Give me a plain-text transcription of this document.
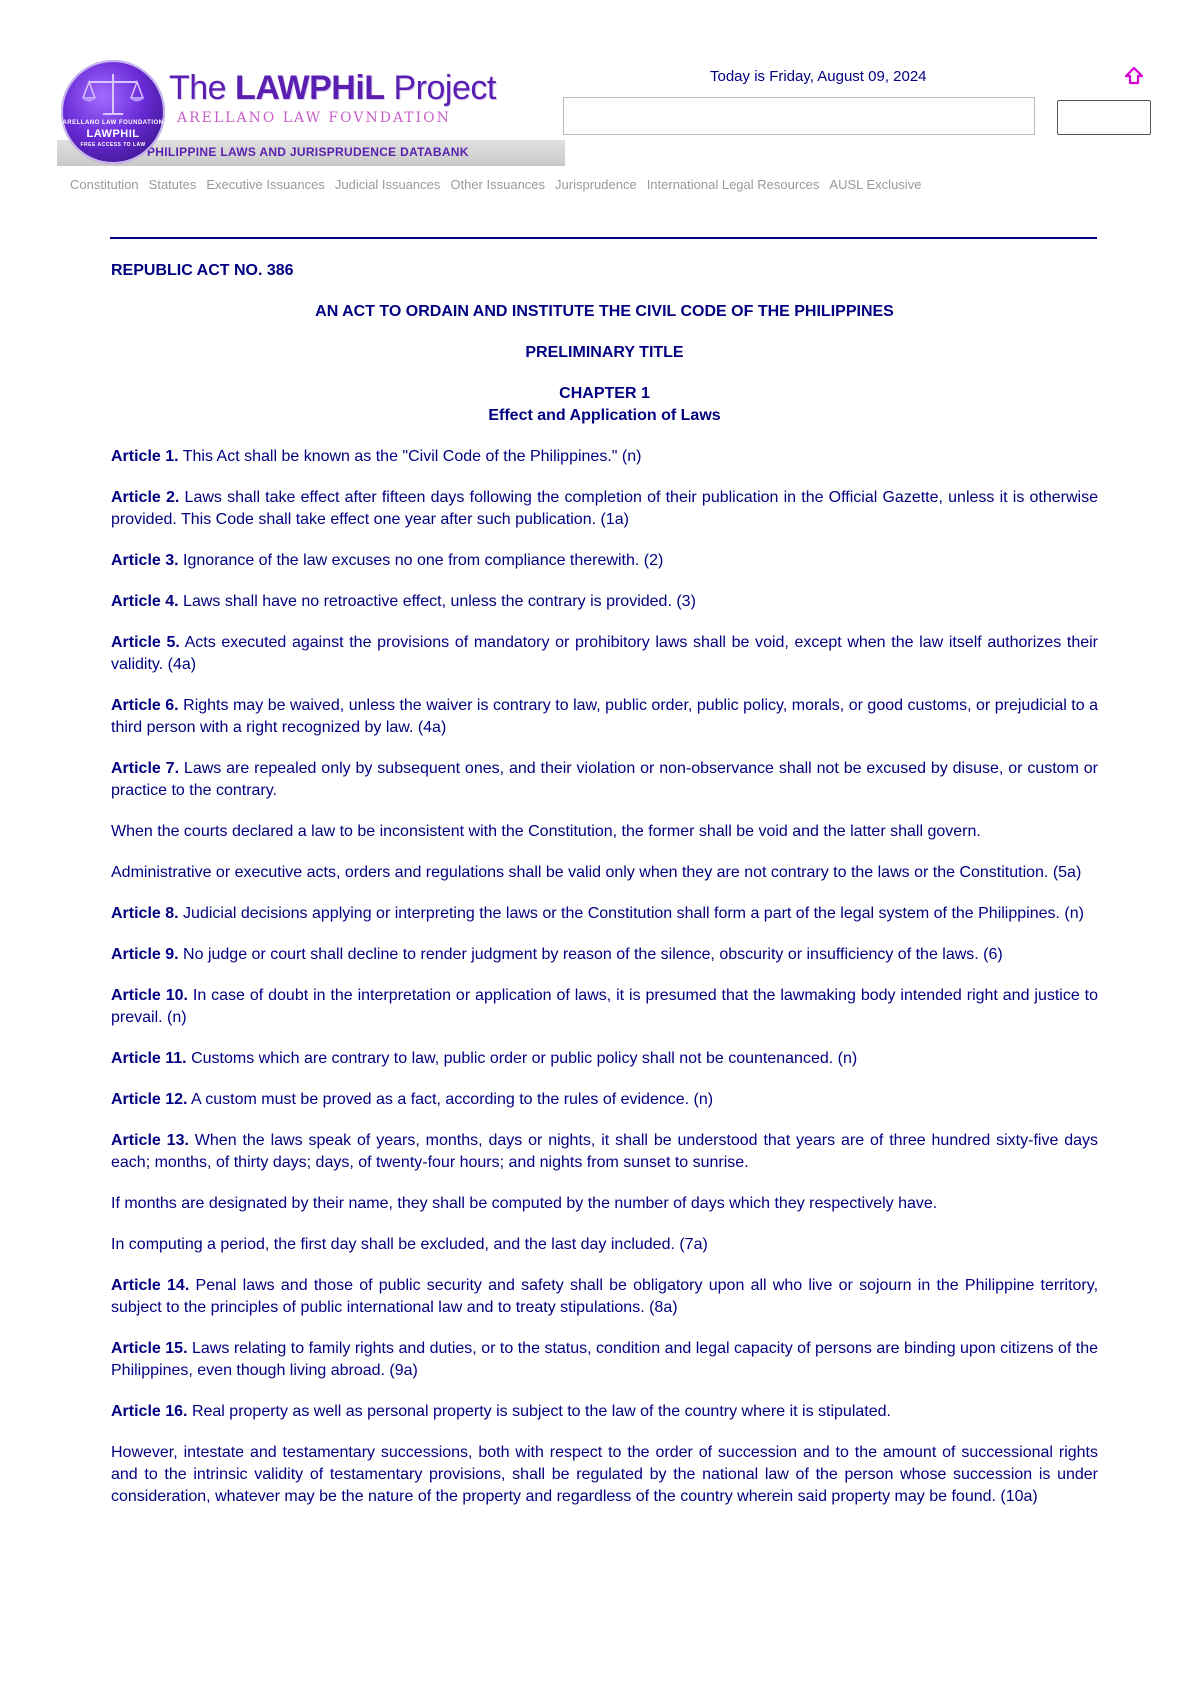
PHILIPPINE LAWS AND JURISPRUDENCE DATABANK
ARELLANO LAW FOUNDATION
LAWPHIL
FREE ACCESS TO LAW
The LAWPHiL Project
ARELLANO LAW FOVNDATION
Today is Friday, August 09, 2024
Constitution Statutes Executive Issuances Judicial Issuances Other Issuances Jurisprudence International Legal Resources AUSL Exclusive

REPUBLIC ACT NO. 386

AN ACT TO ORDAIN AND INSTITUTE THE CIVIL CODE OF THE PHILIPPINES

PRELIMINARY TITLE

CHAPTER 1
Effect and Application of Laws

Article 1. This Act shall be known as the "Civil Code of the Philippines." (n)

Article 2. Laws shall take effect after fifteen days following the completion of their publication in the Official Gazette, unless it is otherwise provided. This Code shall take effect one year after such publication. (1a)

Article 3. Ignorance of the law excuses no one from compliance therewith. (2)

Article 4. Laws shall have no retroactive effect, unless the contrary is provided. (3)

Article 5. Acts executed against the provisions of mandatory or prohibitory laws shall be void, except when the law itself authorizes their validity. (4a)

Article 6. Rights may be waived, unless the waiver is contrary to law, public order, public policy, morals, or good customs, or prejudicial to a third person with a right recognized by law. (4a)

Article 7. Laws are repealed only by subsequent ones, and their violation or non-observance shall not be excused by disuse, or custom or practice to the contrary.

When the courts declared a law to be inconsistent with the Constitution, the former shall be void and the latter shall govern.

Administrative or executive acts, orders and regulations shall be valid only when they are not contrary to the laws or the Constitution. (5a)

Article 8. Judicial decisions applying or interpreting the laws or the Constitution shall form a part of the legal system of the Philippines. (n)

Article 9. No judge or court shall decline to render judgment by reason of the silence, obscurity or insufficiency of the laws. (6)

Article 10. In case of doubt in the interpretation or application of laws, it is presumed that the lawmaking body intended right and justice to prevail. (n)

Article 11. Customs which are contrary to law, public order or public policy shall not be countenanced. (n)

Article 12. A custom must be proved as a fact, according to the rules of evidence. (n)

Article 13. When the laws speak of years, months, days or nights, it shall be understood that years are of three hundred sixty-five days each; months, of thirty days; days, of twenty-four hours; and nights from sunset to sunrise.

If months are designated by their name, they shall be computed by the number of days which they respectively have.

In computing a period, the first day shall be excluded, and the last day included. (7a)

Article 14. Penal laws and those of public security and safety shall be obligatory upon all who live or sojourn in the Philippine territory, subject to the principles of public international law and to treaty stipulations. (8a)

Article 15. Laws relating to family rights and duties, or to the status, condition and legal capacity of persons are binding upon citizens of the Philippines, even though living abroad. (9a)

Article 16. Real property as well as personal property is subject to the law of the country where it is stipulated.

However, intestate and testamentary successions, both with respect to the order of succession and to the amount of successional rights and to the intrinsic validity of testamentary provisions, shall be regulated by the national law of the person whose succession is under consideration, whatever may be the nature of the property and regardless of the country wherein said property may be found. (10a)
